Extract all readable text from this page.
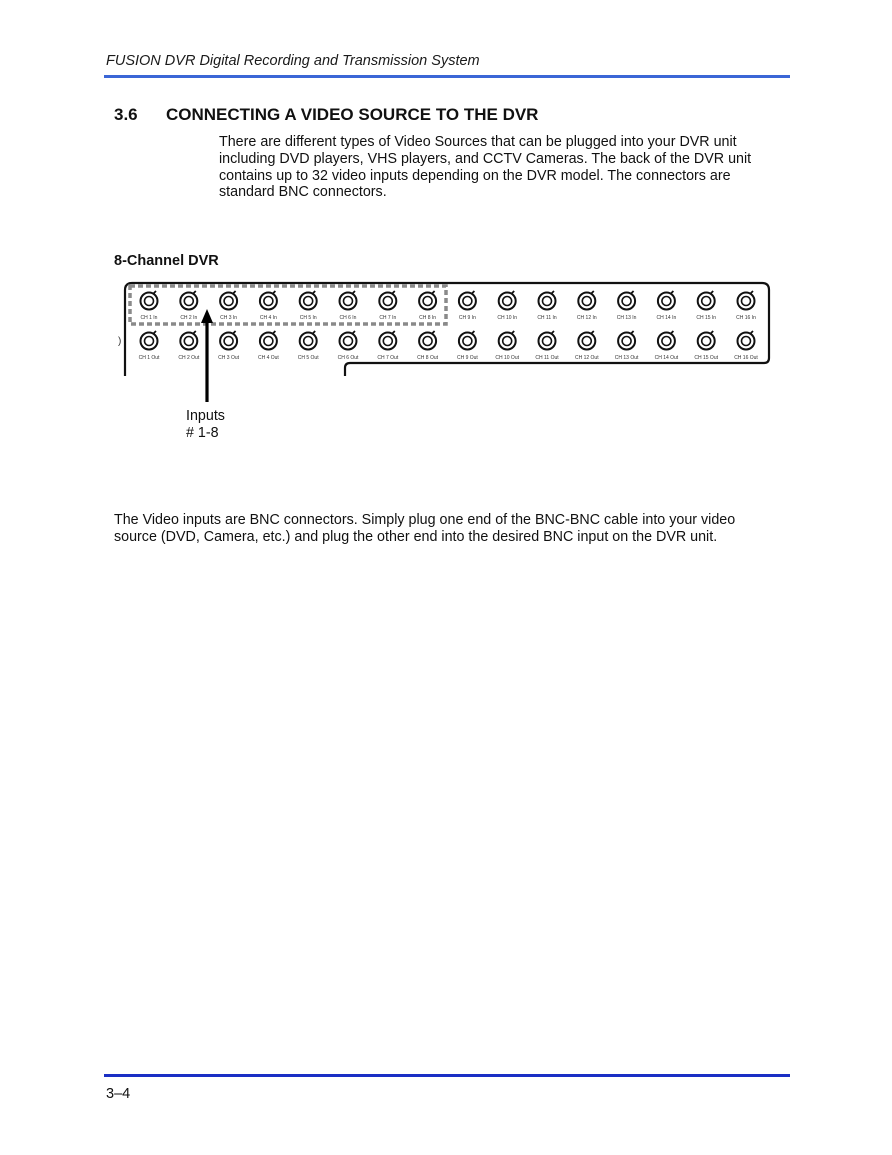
FUSION DVR Digital Recording and Transmission System
3.6 CONNECTING A VIDEO SOURCE TO THE DVR

There are different types of Video Sources that can be plugged into your DVR unit including DVD players, VHS players, and CCTV Cameras. The back of the DVR unit contains up to 32 video inputs depending on the DVR model. The connectors are standard BNC connectors.

8-Channel DVR
)
CH 1 In	CH 2 In	CH 3 In	CH 4 In	CH 5 In	CH 6 In	CH 7 In	CH 8 In	CH 9 In	CH 10 In	CH 11 In	CH 12 In	CH 13 In	CH 14 In	CH 15 In	CH 16 In
CH 1 Out	CH 2 Out	CH 3 Out	CH 4 Out	CH 5 Out	CH 6 Out	CH 7 Out	CH 8 Out	CH 9 Out	CH 10 Out	CH 11 Out	CH 12 Out	CH 13 Out	CH 14 Out	CH 15 Out	CH 16 Out
Inputs
# 1-8

The Video inputs are BNC connectors. Simply plug one end of the BNC-BNC cable into your video source (DVD, Camera, etc.) and plug the other end into the desired BNC input on the DVR unit.

3–4
